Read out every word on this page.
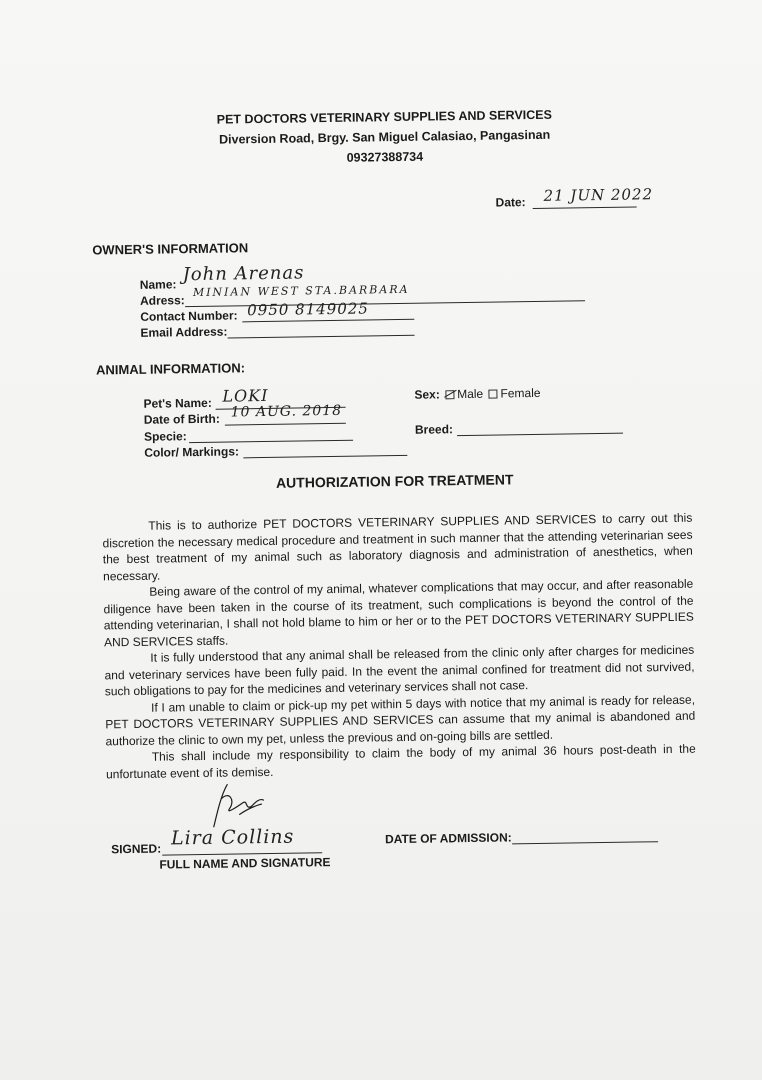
PET DOCTORS VETERINARY SUPPLIES AND SERVICES
Diversion Road, Brgy. San Miguel Calasiao, Pangasinan
09327388734
Date: 21 JUN 2022
OWNER'S INFORMATION
Name: John Arenas
Adress:
MINIAN WEST STA.BARBARA
Contact Number: 0950 8149025
Email Address:
ANIMAL INFORMATION:
Pet's Name: LOKI
Date of Birth: 10 AUG. 2018
Specie:
Color/ Markings:
Sex: Male Female
Breed:
AUTHORIZATION FOR TREATMENT

This is to authorize PET DOCTORS VETERINARY SUPPLIES AND SERVICES to carry out this discretion the necessary medical procedure and treatment in such manner that the attending veterinarian sees the best treatment of my animal such as laboratory diagnosis and administration of anesthetics, when necessary.

Being aware of the control of my animal, whatever complications that may occur, and after reasonable diligence have been taken in the course of its treatment, such complications is beyond the control of the attending veterinarian, I shall not hold blame to him or her or to the PET DOCTORS VETERINARY SUPPLIES AND SERVICES staffs.

It is fully understood that any animal shall be released from the clinic only after charges for medicines and veterinary services have been fully paid. In the event the animal confined for treatment did not survived, such obligations to pay for the medicines and veterinary services shall not case.

If I am unable to claim or pick-up my pet within 5 days with notice that my animal is ready for release, PET DOCTORS VETERINARY SUPPLIES AND SERVICES can assume that my animal is abandoned and authorize the clinic to own my pet, unless the previous and on-going bills are settled.

This shall include my responsibility to claim the body of my animal 36 hours post-death in the unfortunate event of its demise.

SIGNED: Lira Collins
FULL NAME AND SIGNATURE
DATE OF ADMISSION:
